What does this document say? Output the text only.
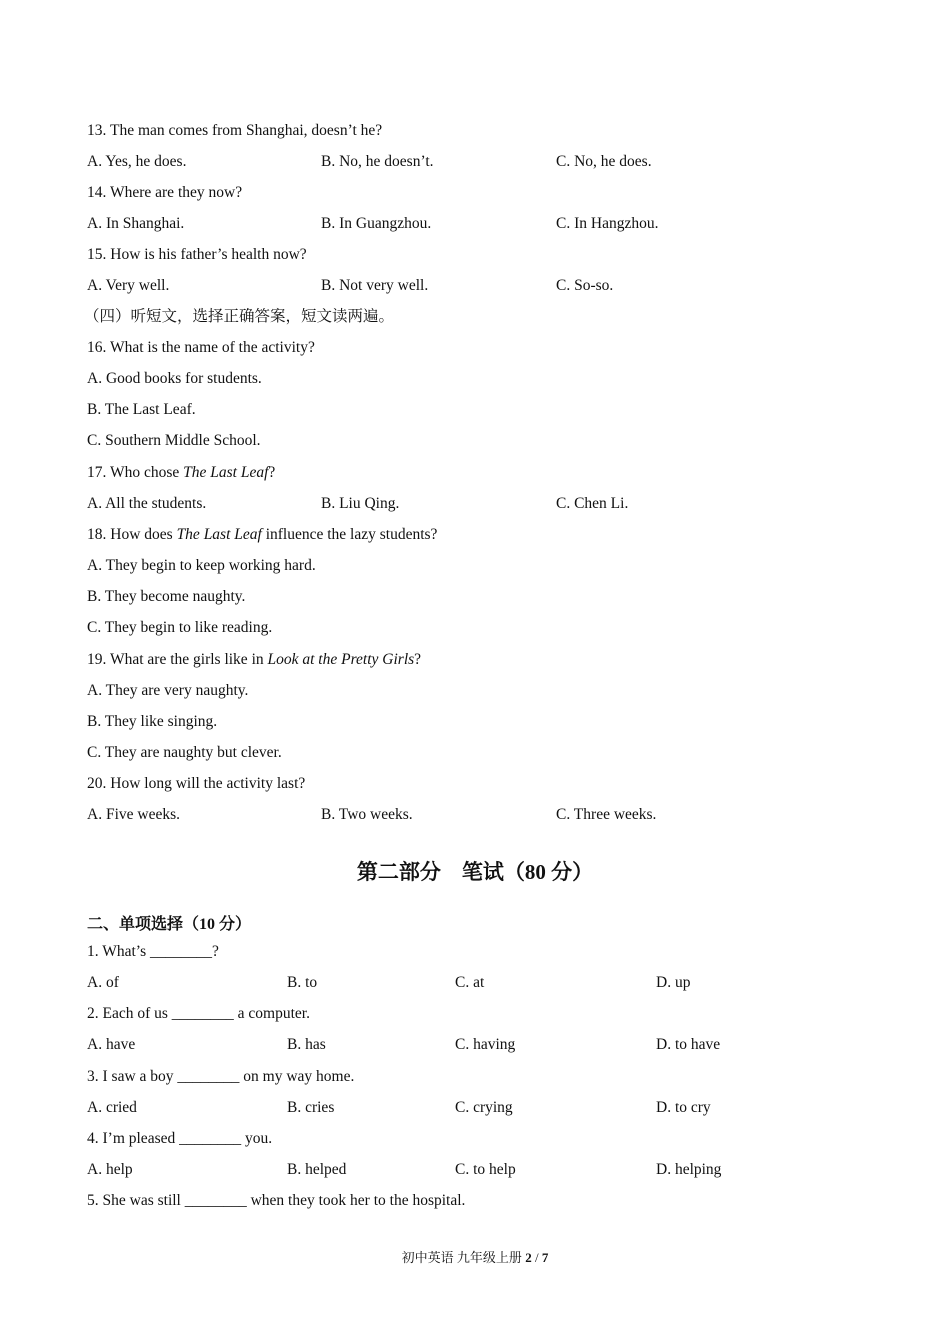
13. The man comes from Shanghai, doesn’t he?
A. Yes, he does.	B. No, he doesn’t.	C. No, he does.
14. Where are they now?
A. In Shanghai.	B. In Guangzhou.	C. In Hangzhou.
15. How is his father’s health now?
A. Very well.	B. Not very well.	C. So-so.
（四）听短文，选择正确答案，短文读两遍。
16. What is the name of the activity?
A. Good books for students.
B. The Last Leaf.
C. Southern Middle School.
17. Who chose The Last Leaf?
A. All the students.	B. Liu Qing.	C. Chen Li.
18. How does The Last Leaf influence the lazy students?
A. They begin to keep working hard.
B. They become naughty.
C. They begin to like reading.
19. What are the girls like in Look at the Pretty Girls?
A. They are very naughty.
B. They like singing.
C. They are naughty but clever.
20. How long will the activity last?
A. Five weeks.	B. Two weeks.	C. Three weeks.
第二部分　笔试（80 分）
二、单项选择（10 分）
1. What’s ________?
A. of	B. to	C. at	D. up
2. Each of us ________ a computer.
A. have	B. has	C. having	D. to have
3. I saw a boy ________ on my way home.
A. cried	B. cries	C. crying	D. to cry
4. I’m pleased ________ you.
A. help	B. helped	C. to help	D. helping
5. She was still ________ when they took her to the hospital.
初中英语 九年级上册 2 / 7
